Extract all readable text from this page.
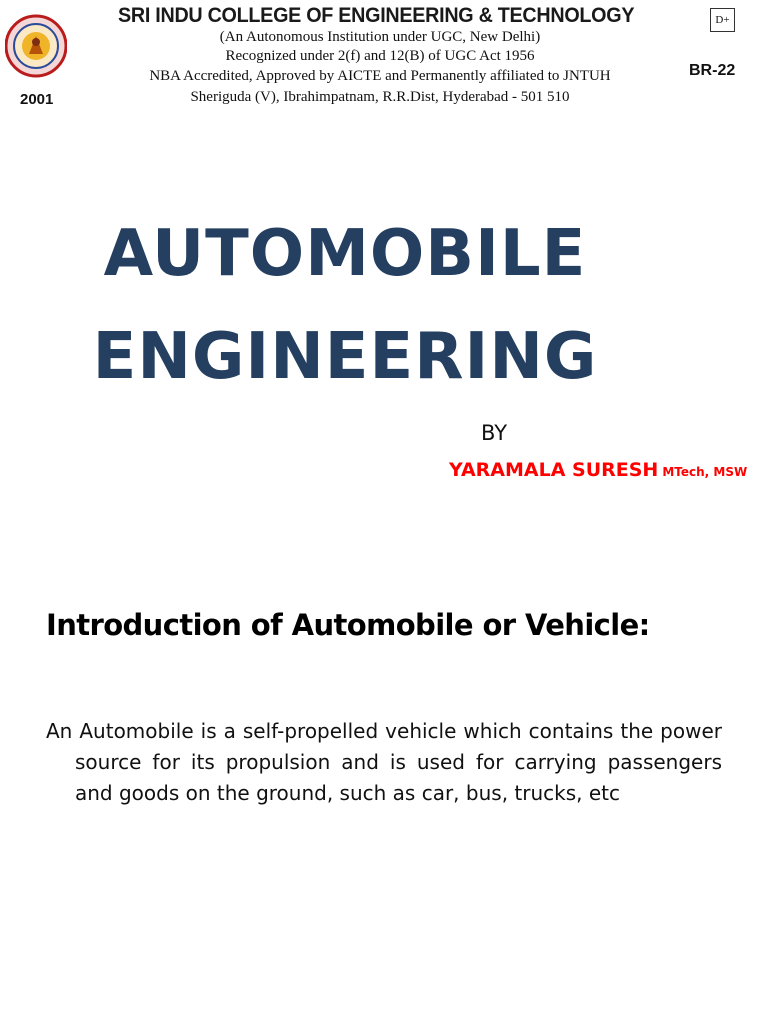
2001
SRI INDU COLLEGE OF ENGINEERING & TECHNOLOGY
(An Autonomous Institution under UGC, New Delhi)
Recognized under 2(f) and 12(B) of UGC Act 1956
NBA Accredited, Approved by AICTE and Permanently affiliated to JNTUH
Sheriguda (V), Ibrahimpatnam, R.R.Dist, Hyderabad - 501 510
D+
BR-22
AUTOMOBILE
ENGINEERING
BY
YARAMALA SURESH MTech, MSW
Introduction of Automobile or Vehicle:
An Automobile is a self-propelled vehicle which contains the power source for its propulsion and is used for carrying passengers and goods on the ground, such as car, bus, trucks, etc
